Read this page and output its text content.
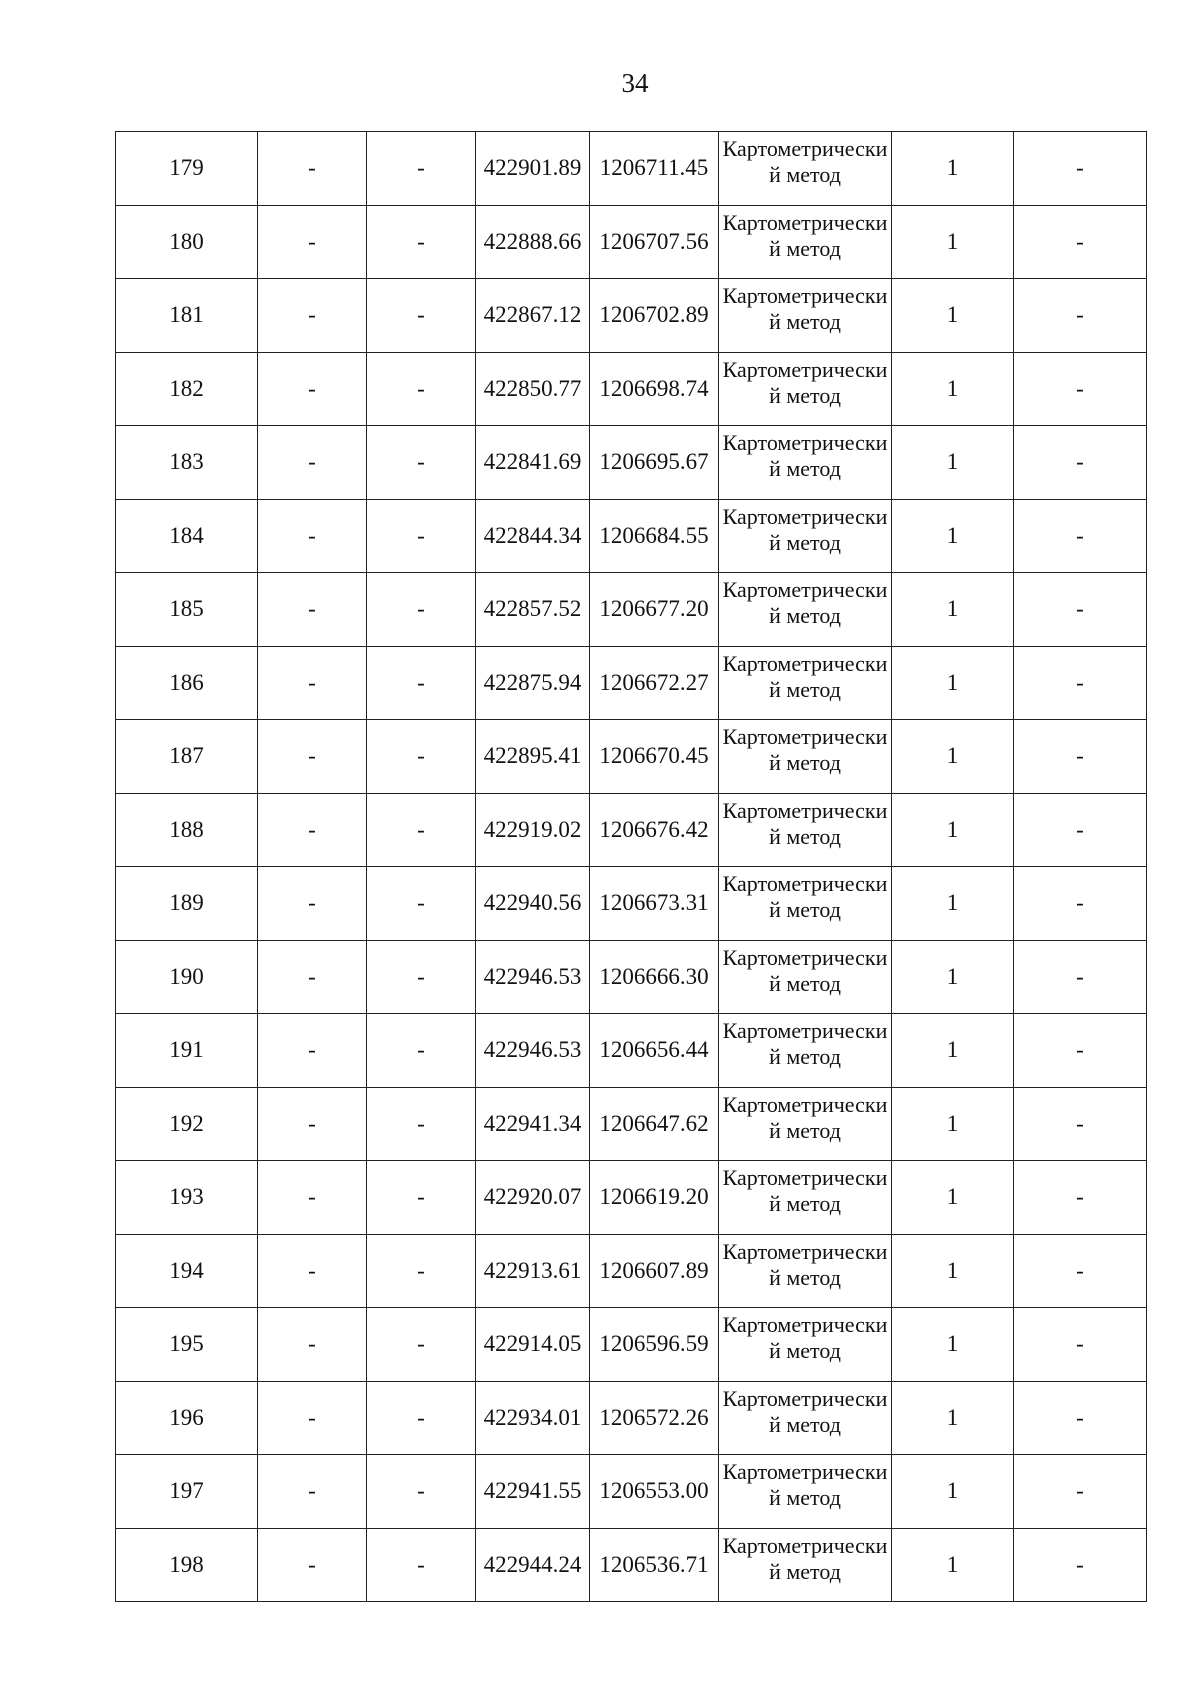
34
179	-	-	422901.89	1206711.45	Картометрический метод	1	-
180	-	-	422888.66	1206707.56	Картометрический метод	1	-
181	-	-	422867.12	1206702.89	Картометрический метод	1	-
182	-	-	422850.77	1206698.74	Картометрический метод	1	-
183	-	-	422841.69	1206695.67	Картометрический метод	1	-
184	-	-	422844.34	1206684.55	Картометрический метод	1	-
185	-	-	422857.52	1206677.20	Картометрический метод	1	-
186	-	-	422875.94	1206672.27	Картометрический метод	1	-
187	-	-	422895.41	1206670.45	Картометрический метод	1	-
188	-	-	422919.02	1206676.42	Картометрический метод	1	-
189	-	-	422940.56	1206673.31	Картометрический метод	1	-
190	-	-	422946.53	1206666.30	Картометрический метод	1	-
191	-	-	422946.53	1206656.44	Картометрический метод	1	-
192	-	-	422941.34	1206647.62	Картометрический метод	1	-
193	-	-	422920.07	1206619.20	Картометрический метод	1	-
194	-	-	422913.61	1206607.89	Картометрический метод	1	-
195	-	-	422914.05	1206596.59	Картометрический метод	1	-
196	-	-	422934.01	1206572.26	Картометрический метод	1	-
197	-	-	422941.55	1206553.00	Картометрический метод	1	-
198	-	-	422944.24	1206536.71	Картометрический метод	1	-
